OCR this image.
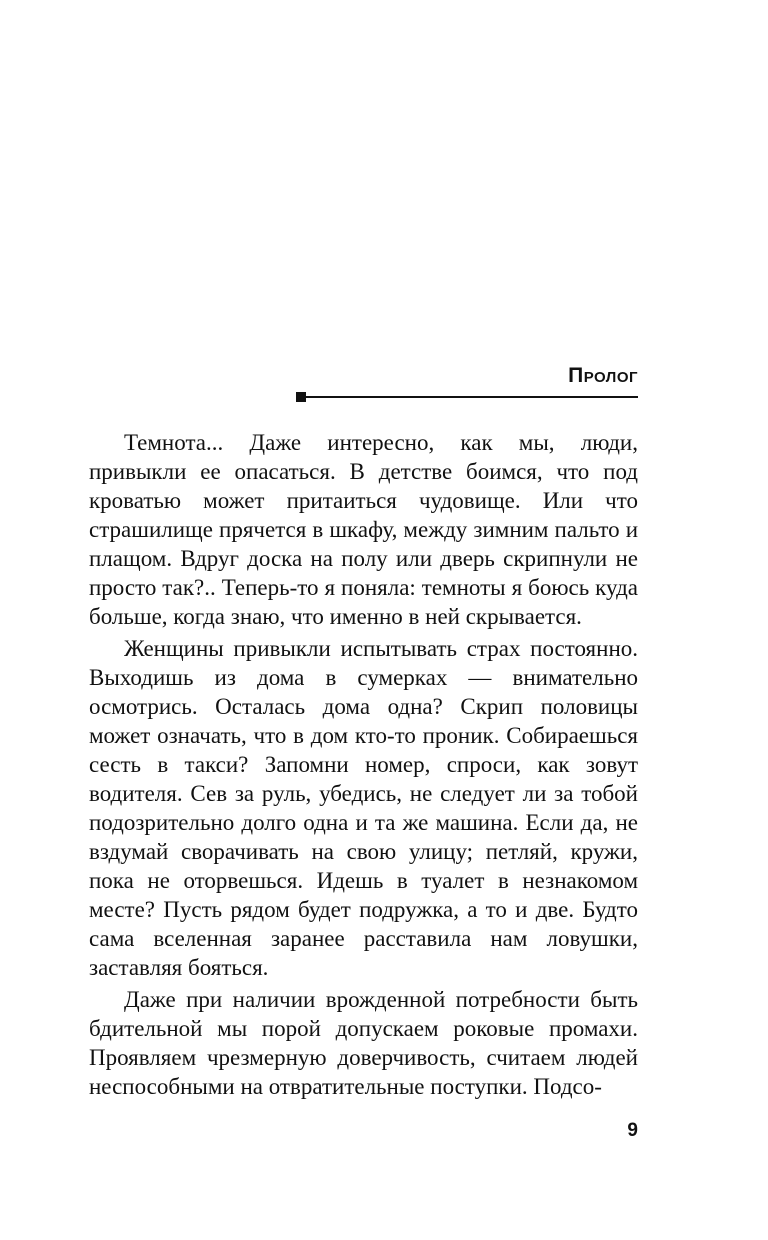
Пролог

Темнота... Даже интересно, как мы, люди, привыкли ее опасаться. В детстве боимся, что под кроватью может притаиться чудовище. Или что страшилище прячется в шкафу, между зимним пальто и плащом. Вдруг доска на полу или дверь скрипнули не просто так?.. Теперь-то я поняла: темноты я боюсь куда больше, когда знаю, что именно в ней скрывается.

Женщины привыкли испытывать страх постоянно. Выходишь из дома в сумерках — внимательно осмотрись. Осталась дома одна? Скрип половицы может означать, что в дом кто-то проник. Собираешься сесть в такси? Запомни номер, спроси, как зовут водителя. Сев за руль, убедись, не следует ли за тобой подозрительно долго одна и та же машина. Если да, не вздумай сворачивать на свою улицу; петляй, кружи, пока не оторвешься. Идешь в туалет в незнакомом месте? Пусть рядом будет подружка, а то и две. Будто сама вселенная заранее расставила нам ловушки, заставляя бояться.

Даже при наличии врожденной потребности быть бдительной мы порой допускаем роковые промахи. Проявляем чрезмерную доверчивость, считаем людей неспособными на отвратительные поступки. Подсо-

9
